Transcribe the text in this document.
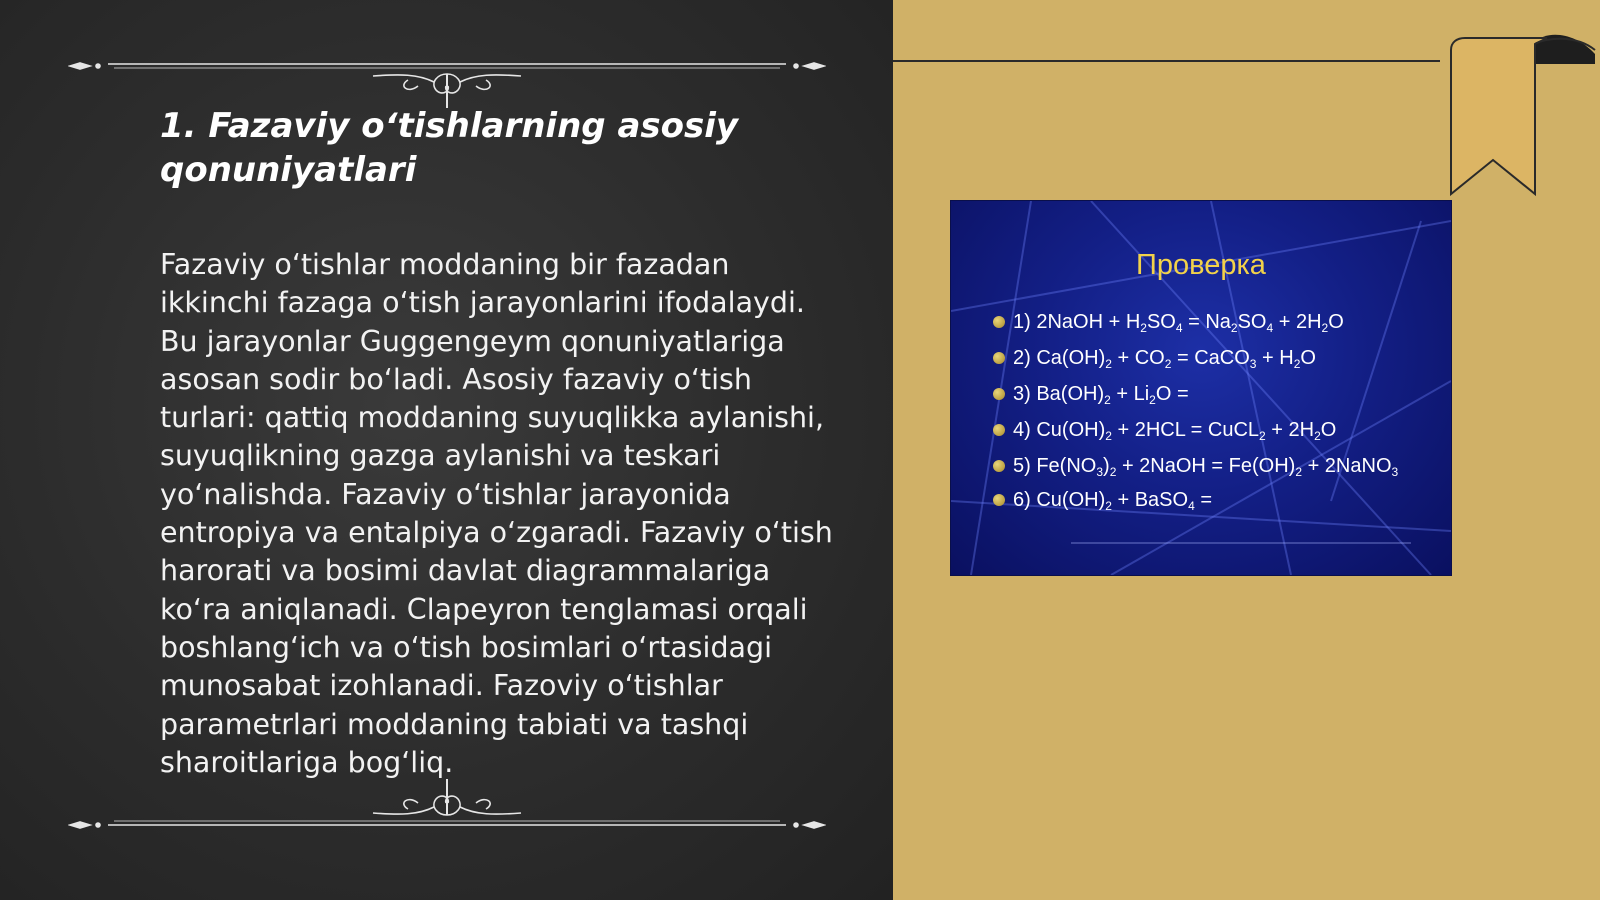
1. Fazaviy o‘tishlarning asosiy qonuniyatlari

Fazaviy o‘tishlar moddaning bir fazadan ikkinchi fazaga o‘tish jarayonlarini ifodalaydi. Bu jarayonlar Guggengeym qonuniyatlariga asosan sodir bo‘ladi. Asosiy fazaviy o‘tish turlari: qattiq moddaning suyuqlikka aylanishi, suyuqlikning gazga aylanishi va teskari yo‘nalishda. Fazaviy o‘tishlar jarayonida entropiya va entalpiya o‘zgaradi. Fazaviy o‘tish harorati va bosimi davlat diagrammalariga ko‘ra aniqlanadi. Clapeyron tenglamasi orqali boshlang‘ich va o‘tish bosimlari o‘rtasidagi munosabat izohlanadi. Fazoviy o‘tishlar parametrlari moddaning tabiati va tashqi sharoitlariga bog‘liq.

Проверка
1) 2NaOH + $H_2SO_4 = Na_2SO_4 + 2H_2O$
2) $Ca(OH)_2 + CO_2$ = CaCO$_3$ + $H_2O$
3) $Ba(OH)_2 + Li_2O$ =
4) $Cu(OH)_2 + 2HCL$ = CuCL$_2$ + $2H_2O$
5) $Fe(NO_3)_2$ + 2NaOH = $Fe(OH)_2$ + 2NaNO$_3$
6) $Cu(OH)_2$ + BaSO$_4$ =
